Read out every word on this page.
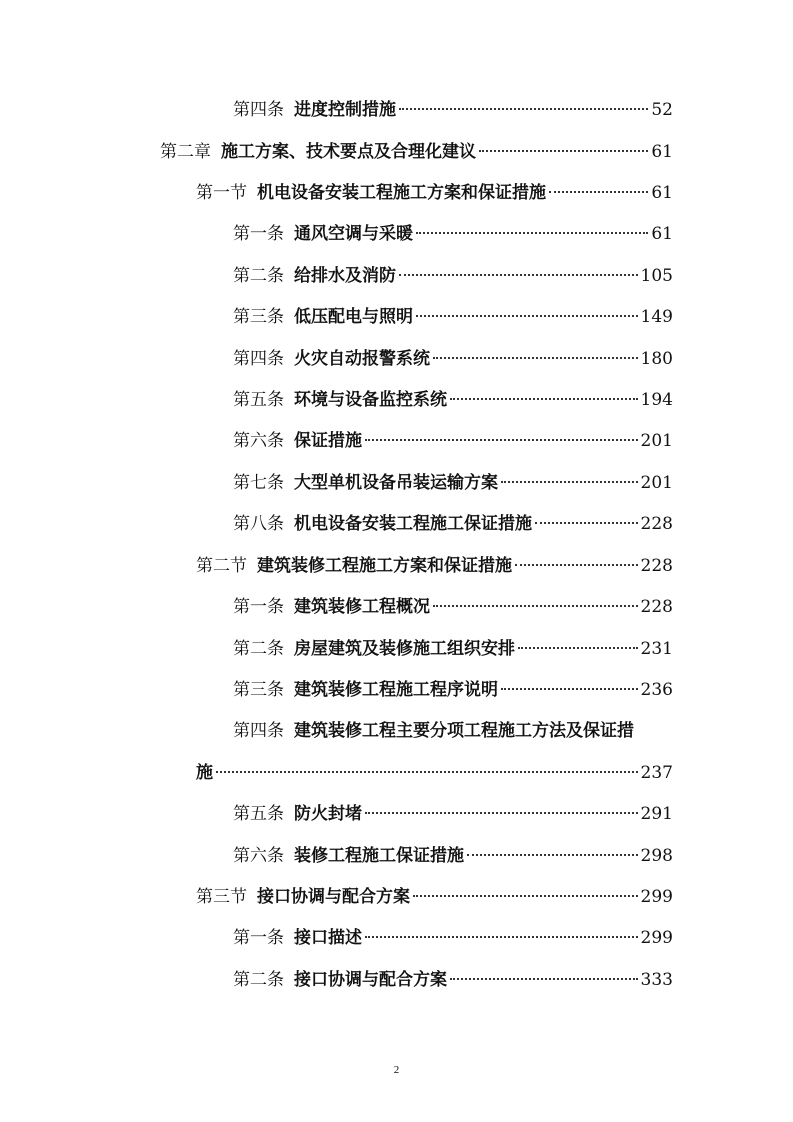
第四条 进度控制措施	52
第二章 施工方案、技术要点及合理化建议	61
第一节 机电设备安装工程施工方案和保证措施	61
第一条 通风空调与采暖	61
第二条 给排水及消防	105
第三条 低压配电与照明	149
第四条 火灾自动报警系统	180
第五条 环境与设备监控系统	194
第六条 保证措施	201
第七条 大型单机设备吊装运输方案	201
第八条 机电设备安装工程施工保证措施	228
第二节 建筑装修工程施工方案和保证措施	228
第一条 建筑装修工程概况	228
第二条 房屋建筑及装修施工组织安排	231
第三条 建筑装修工程施工程序说明	236
第四条 建筑装修工程主要分项工程施工方法及保证措
施	237
第五条 防火封堵	291
第六条 装修工程施工保证措施	298
第三节 接口协调与配合方案	299
第一条 接口描述	299
第二条 接口协调与配合方案	333
2
